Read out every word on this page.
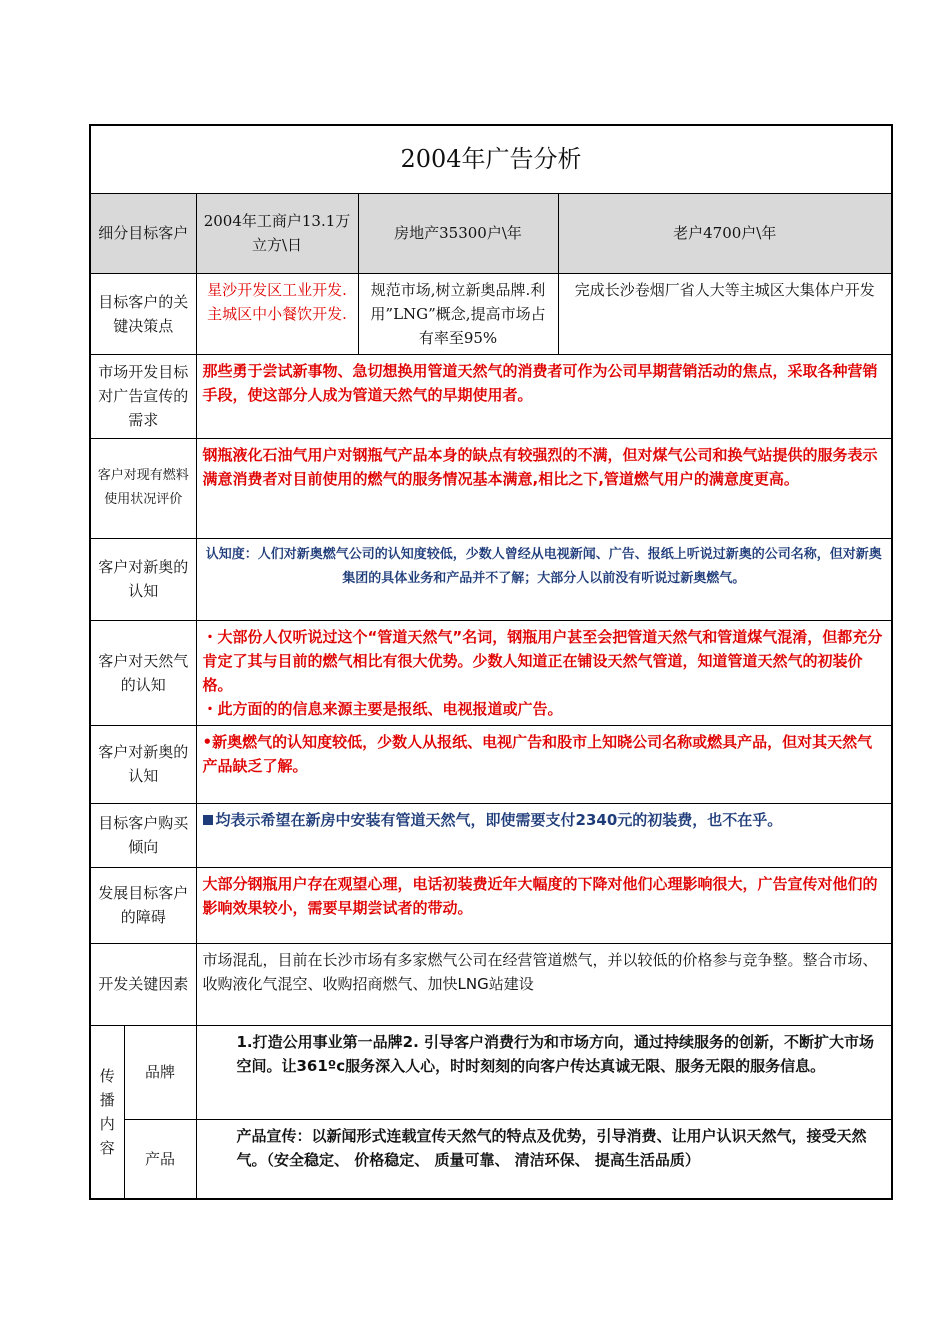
2004年广告分析				
细分目标客户		2004年工商户13.1万立方\日	房地产35300户\年	老户4700户\年
目标客户的关键决策点		星沙开发区工业开发.主城区中小餐饮开发.	规范市场,树立新奥品牌.利用”LNG”概念,提高市场占有率至95%	完成长沙卷烟厂省人大等主城区大集体户开发
市场开发目标对广告宣传的需求		那些勇于尝试新事物、急切想换用管道天然气的消费者可作为公司早期营销活动的焦点，采取各种营销手段，使这部分人成为管道天然气的早期使用者。		
客户对现有燃料使用状况评价		钢瓶液化石油气用户对钢瓶气产品本身的缺点有较强烈的不满，但对煤气公司和换气站提供的服务表示满意消费者对目前使用的燃气的服务情况基本满意,相比之下,管道燃气用户的满意度更高。		
客户对新奥的认知		认知度：人们对新奥燃气公司的认知度较低，少数人曾经从电视新闻、广告、报纸上听说过新奥的公司名称，但对新奥集团的具体业务和产品并不了解；大部分人以前没有听说过新奥燃气。		
客户对天然气的认知		・大部份人仅听说过这个“管道天然气”名词，钢瓶用户甚至会把管道天然气和管道煤气混淆，但都充分肯定了其与目前的燃气相比有很大优势。少数人知道正在铺设天然气管道，知道管道天然气的初装价格。

・此方面的的信息来源主要是报纸、电视报道或广告。		

客户对新奥的认知		•新奥燃气的认知度较低，少数人从报纸、电视广告和股市上知晓公司名称或燃具产品，但对其天然气产品缺乏了解。		
目标客户购买倾向		均表示希望在新房中安装有管道天然气，即使需要支付2340元的初装费，也不在乎。		
发展目标客户的障碍		大部分钢瓶用户存在观望心理，电话初装费近年大幅度的下降对他们心理影响很大，广告宣传对他们的影响效果较小，需要早期尝试者的带动。		
开发关键因素		市场混乱，目前在长沙市场有多家燃气公司在经营管道燃气，并以较低的价格参与竞争整。整合市场、收购液化气混空、收购招商燃气、加快LNG站建设		
传播内容	品牌	1.打造公用事业第一品牌2. 引导客户消费行为和市场方向，通过持续服务的创新，不断扩大市场空间。让361ºc服务深入人心，时时刻刻的向客户传达真诚无限、服务无限的服务信息。		
	产品	产品宣传：以新闻形式连载宣传天然气的特点及优势，引导消费、让用户认识天然气，接受天然气。（安全稳定、 价格稳定、 质量可靠、 清洁环保、 提高生活品质）		
